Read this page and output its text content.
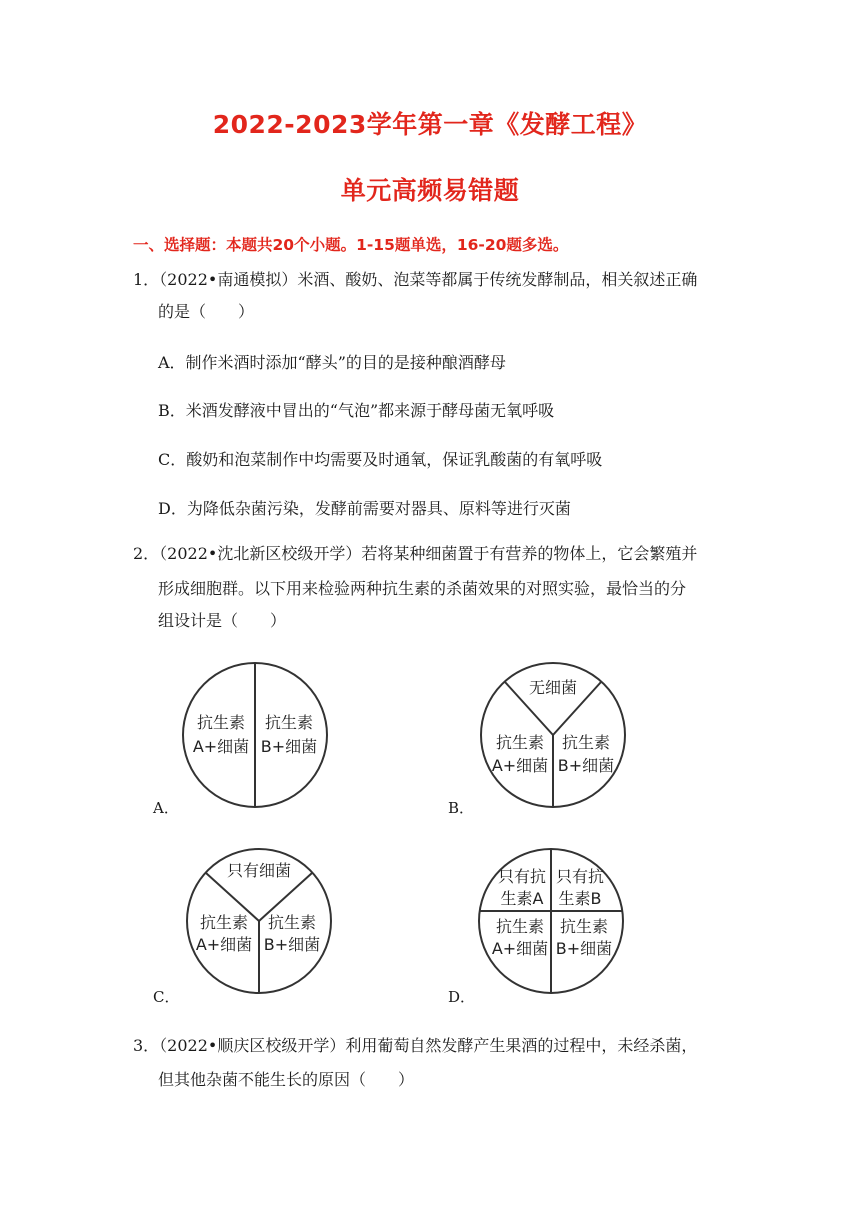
2022-2023学年第一章《发酵工程》
单元高频易错题
一、选择题：本题共20个小题。1-15题单选，16-20题多选。
1．（2022•南通模拟）米酒、酸奶、泡菜等都属于传统发酵制品，相关叙述正确
的是（　　）
A．制作米酒时添加“酵头”的目的是接种酿酒酵母
B．米酒发酵液中冒出的“气泡”都来源于酵母菌无氧呼吸
C．酸奶和泡菜制作中均需要及时通氧，保证乳酸菌的有氧呼吸
D．为降低杂菌污染，发酵前需要对器具、原料等进行灭菌
2．（2022•沈北新区校级开学）若将某种细菌置于有营养的物体上，它会繁殖并
形成细胞群。以下用来检验两种抗生素的杀菌效果的对照实验，最恰当的分
组设计是（　　）
抗生素
A+细菌
抗生素
B+细菌
A．
无细菌
抗生素
A+细菌
抗生素
B+细菌
B．
只有细菌
抗生素
A+细菌
抗生素
B+细菌
C．
只有抗
生素A
只有抗
生素B
抗生素
A+细菌
抗生素
B+细菌
D．
3．（2022•顺庆区校级开学）利用葡萄自然发酵产生果酒的过程中，未经杀菌，
但其他杂菌不能生长的原因（　　）
